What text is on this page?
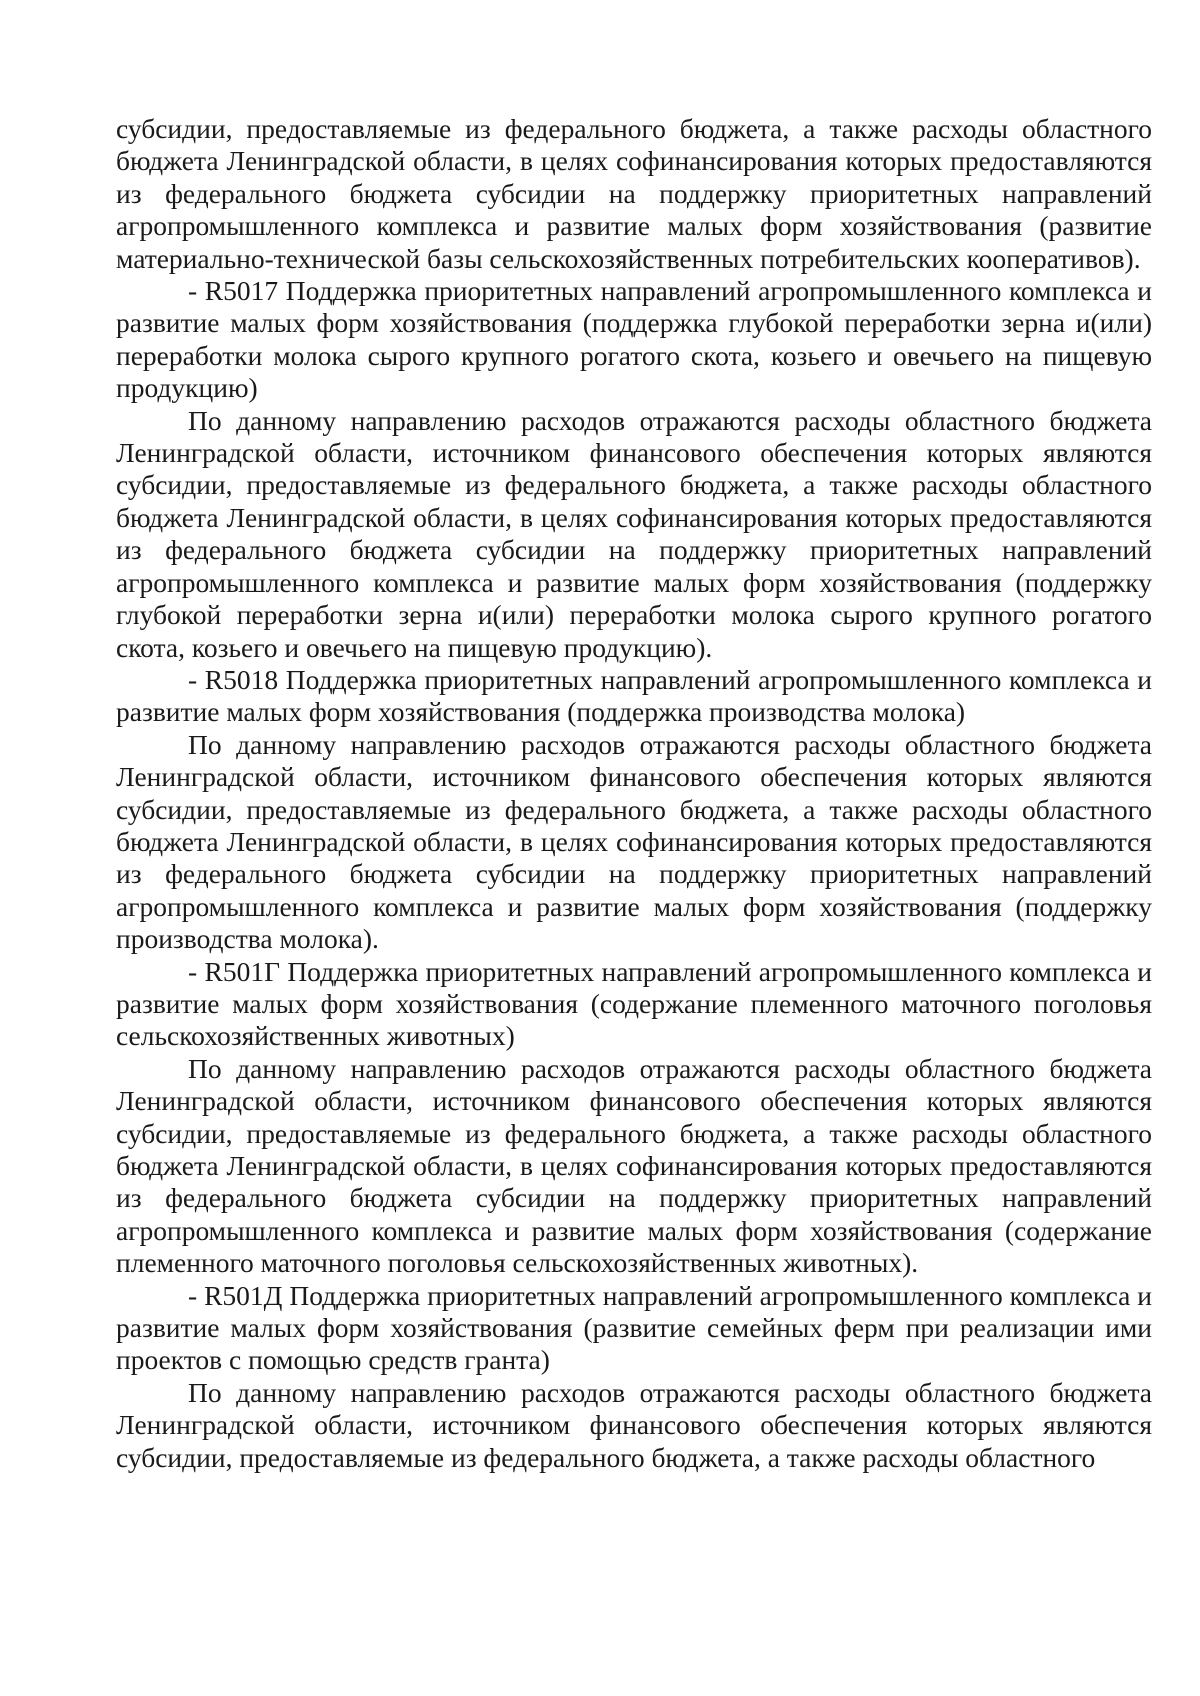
субсидии, предоставляемые из федерального бюджета, а также расходы областного бюджета Ленинградской области, в целях софинансирования которых предоставляются из федерального бюджета субсидии на поддержку приоритетных направлений агропромышленного комплекса и развитие малых форм хозяйствования (развитие материально-технической базы сельскохозяйственных потребительских кооперативов).

- R5017 Поддержка приоритетных направлений агропромышленного комплекса и развитие малых форм хозяйствования (поддержка глубокой переработки зерна и(или) переработки молока сырого крупного рогатого скота, козьего и овечьего на пищевую продукцию)

По данному направлению расходов отражаются расходы областного бюджета Ленинградской области, источником финансового обеспечения которых являются субсидии, предоставляемые из федерального бюджета, а также расходы областного бюджета Ленинградской области, в целях софинансирования которых предоставляются из федерального бюджета субсидии на поддержку приоритетных направлений агропромышленного комплекса и развитие малых форм хозяйствования (поддержку глубокой переработки зерна и(или) переработки молока сырого крупного рогатого скота, козьего и овечьего на пищевую продукцию).

- R5018 Поддержка приоритетных направлений агропромышленного комплекса и развитие малых форм хозяйствования (поддержка производства молока)

По данному направлению расходов отражаются расходы областного бюджета Ленинградской области, источником финансового обеспечения которых являются субсидии, предоставляемые из федерального бюджета, а также расходы областного бюджета Ленинградской области, в целях софинансирования которых предоставляются из федерального бюджета субсидии на поддержку приоритетных направлений агропромышленного комплекса и развитие малых форм хозяйствования (поддержку производства молока).

- R501Г Поддержка приоритетных направлений агропромышленного комплекса и развитие малых форм хозяйствования (содержание племенного маточного поголовья сельскохозяйственных животных)

По данному направлению расходов отражаются расходы областного бюджета Ленинградской области, источником финансового обеспечения которых являются субсидии, предоставляемые из федерального бюджета, а также расходы областного бюджета Ленинградской области, в целях софинансирования которых предоставляются из федерального бюджета субсидии на поддержку приоритетных направлений агропромышленного комплекса и развитие малых форм хозяйствования (содержание племенного маточного поголовья сельскохозяйственных животных).

- R501Д Поддержка приоритетных направлений агропромышленного комплекса и развитие малых форм хозяйствования (развитие семейных ферм при реализации ими проектов с помощью средств гранта)

По данному направлению расходов отражаются расходы областного бюджета Ленинградской области, источником финансового обеспечения которых являются субсидии, предоставляемые из федерального бюджета, а также расходы областного
